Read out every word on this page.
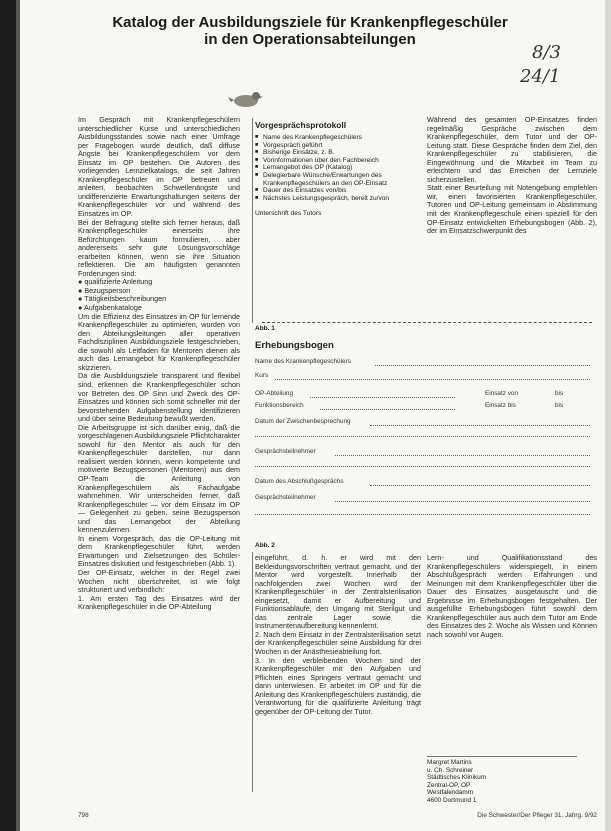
Katalog der Ausbildungsziele für Krankenpflegeschüler
in den Operationsabteilungen
8/3
24/1

Im Gespräch mit Krankenpflegeschülern unterschiedlicher Kurse und unterschiedlichen Ausbildungsstandes sowie nach einer Umfrage per Fragebogen wurde deutlich, daß diffuse Ängste bei Krankenpflegeschülern vor dem Einsatz im OP bestehen. Die Autoren des vorliegenden Lernzielkatalogs, die seit Jahren Krankenpflegeschüler im OP betreuen und anleiten, beobachten Schwellenängste und undifferenzierte Erwartungshaltungen seitens der Krankenpflegeschüler vor und während des Einsatzes im OP.

Bei der Befragung stellte sich ferner heraus, daß Krankenpflegeschüler einerseits ihre Befürchtungen kaum formulieren, aber andererseits sehr gute Lösungsvorschläge erarbeiten können, wenn sie ihre Situation reflektieren. Die am häufigsten genannten Forderungen sind:

● qualifizierte Anleitung

● Bezugsperson

● Tätigkeitsbeschreibungen

● Aufgabenkataloge

Um die Effizienz des Einsatzes im OP für lernende Krankenpflegeschüler zu optimieren, wurden von den Abteilungsleitungen aller operativen Fachdisziplinen Ausbildungsziele festgeschrieben, die sowohl als Leitfaden für Mentoren dienen als auch das Lernangebot für Krankenpflegeschüler skizzieren.

Da die Ausbildungsziele transparent und flexibel sind, erkennen die Krankenpflegeschüler schon vor Betreten des OP Sinn und Zweck des OP-Einsatzes und können sich somit schneller mit der bevorstehenden Aufgabenstellung identifizieren und über seine Bedeutung bewußt werden.

Die Arbeitsgruppe ist sich darüber einig, daß die vorgeschlagenen Ausbildungsziele Pflichtcharakter sowohl für den Mentor als auch für den Krankenpflegeschüler darstellen, nur dann realisiert werden können, wenn kompetente und motivierte Bezugspersonen (Mentoren) aus dem OP-Team die Anleitung von Krankenpflegeschülern als Fachaufgabe wahrnehmen. Wir unterscheiden ferner, daß Krankenpflegeschüler — vor dem Einsatz im OP — Gelegenheit zu geben, seine Bezugsperson und das Lernangebot der Abteilung kennenzulernen.

In einem Vorgespräch, das die OP-Leitung mit dem Krankenpflegeschüler führt, werden Erwartungen und Zielsetzungen des Schüler-Einsatzes diskutiert und festgeschrieben (Abb. 1).

Der OP-Einsatz, welcher in der Regel zwei Wochen nicht überschreitet, ist wie folgt strukturiert und verbindlich:

1. Am ersten Tag des Einsatzes wird der Krankenpflegeschüler in die OP-Abteilung

Vorgesprächsprotokoll
■ Name des Krankenpflegeschülers
■ Vorgespräch geführt
■ Bisherige Einsätze, z. B.
■ Vorinformationen über den Fachbereich
■ Lernangebot des OP (Katalog)
■ Delegierbare Wünsche/Erwartungen des Krankenpflegeschülers an den OP-Einsatz
■ Dauer des Einsatzes von/bis
■ Nächstes Leistungsgespräch, bereit zu/von
Unterschrift des Tutors
Abb. 1
Erhebungsbogen
Name des Krankenpflegeschülers
Kurs
OP-Abteilung	Einsatz von	bis
Funktionsbereich	Einsatz bis	bis
Datum der Zwischenbesprechung
Gesprächsteilnehmer
Datum des Abschlußgesprächs
Gesprächsteilnehmer
Abb. 2

Während des gesamten OP-Einsatzes finden regelmäßig Gespräche zwischen dem Krankenpflegeschüler, dem Tutor und der OP-Leitung statt. Diese Gespräche finden dem Ziel, den Krankenpflegeschüler zu stabilisieren, die Eingewöhnung und die Mitarbeit im Team zu erleichtern und das Erreichen der Lernziele sicherzustellen.

Statt einer Beurteilung mit Notengebung empfehlen wir, einen favorisierten Krankenpflegeschüler, Tutoren und OP-Leitung gemeinsam in Abstimmung mit der Krankenpflegeschule einen speziell für den OP-Einsatz entwickelten Erhebungsbogen (Abb. 2), der im Einsatzschwerpunkt des

eingeführt, d. h. er wird mit den Bekleidungsvorschriften vertraut gemacht, und der Mentor wird vorgestellt. Innerhalb der nachfolgenden zwei Wochen wird der Krankenpflegeschüler in der Zentralsterilisation eingesetzt, damit er Aufbereitung und Funktionsabläufe, den Umgang mit Sterilgut und das zentrale Lager sowie die Instrumentenaufbereitung kennenlernt.

2. Nach dem Einsatz in der Zentralsterilisation setzt der Krankenpflegeschüler seine Ausbildung für drei Wochen in der Anästhesieabteilung fort.

3. In den verbleibenden Wochen sind der Krankenpflegeschüler mit den Aufgaben und Pflichten eines Springers vertraut gemacht und dann unterwiesen. Er arbeitet im OP und für die Anleitung des Krankenpflegeschülers zuständig, die Verantwortung für die qualifizierte Anleitung trägt gegenüber der OP-Leitung der Tutor.

Lern- und Qualifikationsstand des Krankenpflegeschülers widerspiegelt, in einem Abschlußgespräch werden Erfahrungen und Meinungen mit dem Krankenpflegeschüler über die Dauer des Einsatzes ausgetauscht und die Ergebnisse im Erhebungsbogen festgehalten. Der ausgefüllte Erhebungsbogen führt sowohl dem Krankenpflegeschüler aus auch dem Tutor am Ende des Einsatzes des 2. Woche als Wissen und Können nach sowohl vor Augen.

Margret Martins
u. Ch. Schreiner
Städtisches Klinikum
Zentral-OP, OP
Westfalendamm
4600 Dortmund 1
798	Die Schwester/Der Pfleger 31. Jahrg. 9/92
